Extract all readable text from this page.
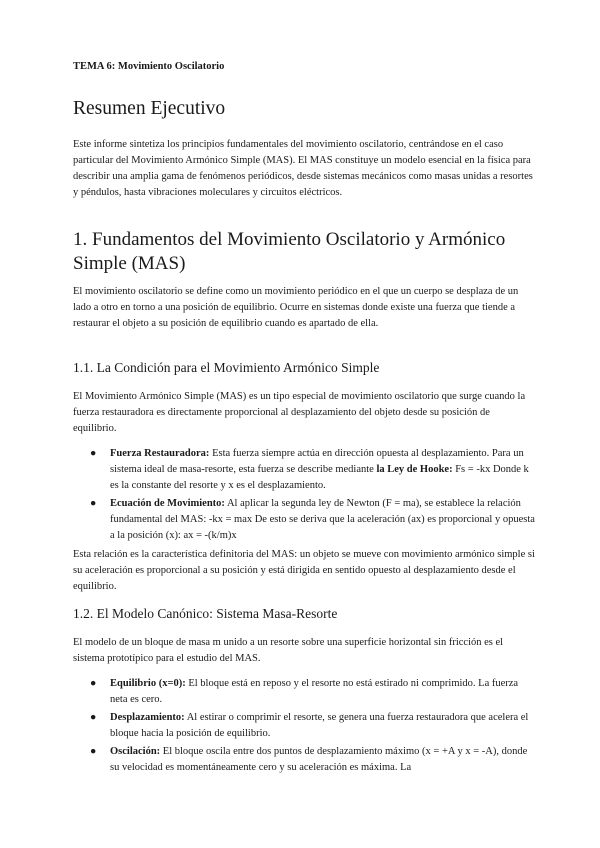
TEMA 6: Movimiento Oscilatorio
Resumen Ejecutivo

Este informe sintetiza los principios fundamentales del movimiento oscilatorio, centrándose en el caso particular del Movimiento Armónico Simple (MAS). El MAS constituye un modelo esencial en la física para describir una amplia gama de fenómenos periódicos, desde sistemas mecánicos como masas unidas a resortes y péndulos, hasta vibraciones moleculares y circuitos eléctricos.

1. Fundamentos del Movimiento Oscilatorio y Armónico Simple (MAS)

El movimiento oscilatorio se define como un movimiento periódico en el que un cuerpo se desplaza de un lado a otro en torno a una posición de equilibrio. Ocurre en sistemas donde existe una fuerza que tiende a restaurar el objeto a su posición de equilibrio cuando es apartado de ella.

1.1. La Condición para el Movimiento Armónico Simple

El Movimiento Armónico Simple (MAS) es un tipo especial de movimiento oscilatorio que surge cuando la fuerza restauradora es directamente proporcional al desplazamiento del objeto desde su posición de equilibrio.

● Fuerza Restauradora: Esta fuerza siempre actúa en dirección opuesta al desplazamiento. Para un sistema ideal de masa-resorte, esta fuerza se describe mediante la Ley de Hooke: Fs = -kx Donde k es la constante del resorte y x es el desplazamiento.
● Ecuación de Movimiento: Al aplicar la segunda ley de Newton (F = ma), se establece la relación fundamental del MAS: -kx = max De esto se deriva que la aceleración (ax) es proporcional y opuesta a la posición (x): ax = -(k/m)x

Esta relación es la característica definitoria del MAS: un objeto se mueve con movimiento armónico simple si su aceleración es proporcional a su posición y está dirigida en sentido opuesto al desplazamiento desde el equilibrio.

1.2. El Modelo Canónico: Sistema Masa-Resorte

El modelo de un bloque de masa m unido a un resorte sobre una superficie horizontal sin fricción es el sistema prototípico para el estudio del MAS.

● Equilibrio (x=0): El bloque está en reposo y el resorte no está estirado ni comprimido. La fuerza neta es cero.
● Desplazamiento: Al estirar o comprimir el resorte, se genera una fuerza restauradora que acelera el bloque hacia la posición de equilibrio.
● Oscilación: El bloque oscila entre dos puntos de desplazamiento máximo (x = +A y x = -A), donde su velocidad es momentáneamente cero y su aceleración es máxima. La
